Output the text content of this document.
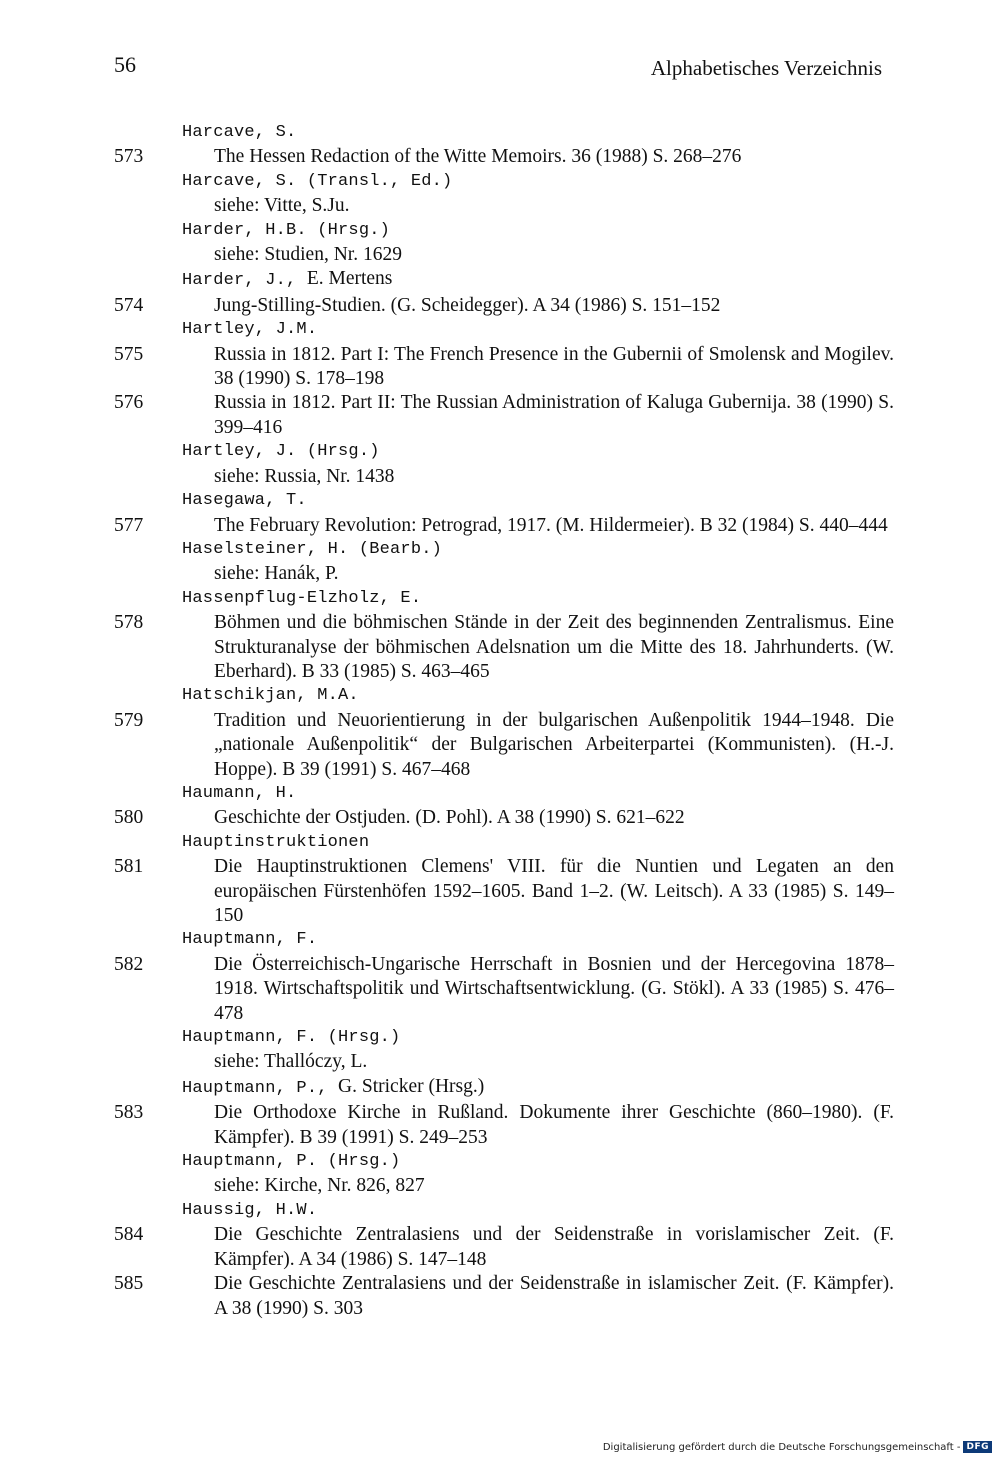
56	Alphabetisches Verzeichnis
Harcave, S.
573	The Hessen Redaction of the Witte Memoirs. 36 (1988) S. 268–276
Harcave, S. (Transl., Ed.)
siehe: Vitte, S.Ju.
Harder, H.B. (Hrsg.)
siehe: Studien, Nr. 1629
Harder, J., E. Mertens
574	Jung-Stilling-Studien. (G. Scheidegger). A 34 (1986) S. 151–152
Hartley, J.M.
575	Russia in 1812. Part I: The French Presence in the Gubernii of Smolensk and Mogilev. 38 (1990) S. 178–198
576	Russia in 1812. Part II: The Russian Administration of Kaluga Gubernija. 38 (1990) S. 399–416
Hartley, J. (Hrsg.)
siehe: Russia, Nr. 1438
Hasegawa, T.
577	The February Revolution: Petrograd, 1917. (M. Hildermeier). B 32 (1984) S. 440–444
Haselsteiner, H. (Bearb.)
siehe: Hanák, P.
Hassenpflug-Elzholz, E.
578	Böhmen und die böhmischen Stände in der Zeit des beginnenden Zentralismus. Eine Strukturanalyse der böhmischen Adelsnation um die Mitte des 18. Jahrhunderts. (W. Eberhard). B 33 (1985) S. 463–465
Hatschikjan, M.A.
579	Tradition und Neuorientierung in der bulgarischen Außenpolitik 1944–1948. Die „nationale Außenpolitik“ der Bulgarischen Arbeiterpartei (Kommunisten). (H.-J. Hoppe). B 39 (1991) S. 467–468
Haumann, H.
580	Geschichte der Ostjuden. (D. Pohl). A 38 (1990) S. 621–622
Hauptinstruktionen
581	Die Hauptinstruktionen Clemens' VIII. für die Nuntien und Legaten an den europäischen Fürstenhöfen 1592–1605. Band 1–2. (W. Leitsch). A 33 (1985) S. 149–150
Hauptmann, F.
582	Die Österreichisch-Ungarische Herrschaft in Bosnien und der Hercegovina 1878–1918. Wirtschaftspolitik und Wirtschaftsentwicklung. (G. Stökl). A 33 (1985) S. 476–478
Hauptmann, F. (Hrsg.)
siehe: Thallóczy, L.
Hauptmann, P., G. Stricker (Hrsg.)
583	Die Orthodoxe Kirche in Rußland. Dokumente ihrer Geschichte (860–1980). (F. Kämpfer). B 39 (1991) S. 249–253
Hauptmann, P. (Hrsg.)
siehe: Kirche, Nr. 826, 827
Haussig, H.W.
584	Die Geschichte Zentralasiens und der Seidenstraße in vorislamischer Zeit. (F. Kämpfer). A 34 (1986) S. 147–148
585	Die Geschichte Zentralasiens und der Seidenstraße in islamischer Zeit. (F. Kämpfer). A 38 (1990) S. 303
Digitalisierung gefördert durch die Deutsche Forschungsgemeinschaft - DFG
